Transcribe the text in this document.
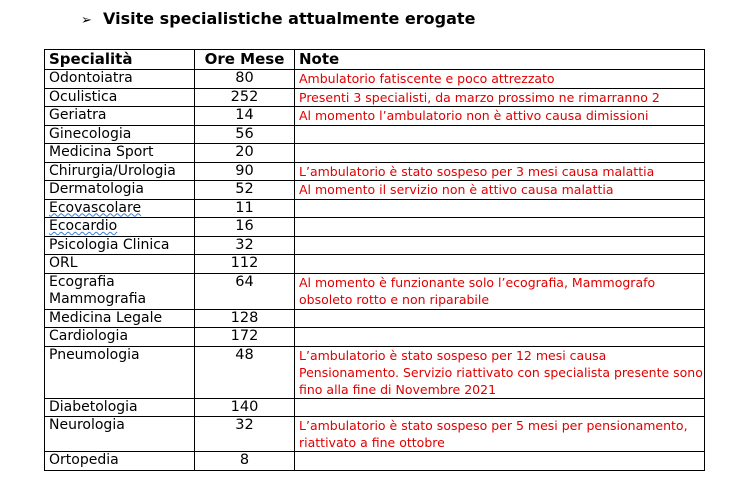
➢ Visite specialistiche attualmente erogate
Specialità	Ore Mese	Note
Odontoiatra	80	Ambulatorio fatiscente e poco attrezzato
Oculistica	252	Presenti 3 specialisti, da marzo prossimo ne rimarranno 2
Geriatra	14	Al momento l’ambulatorio non è attivo causa dimissioni
Ginecologia	56	
Medicina Sport	20	
Chirurgia/Urologia	90	L’ambulatorio è stato sospeso per 3 mesi causa malattia
Dermatologia	52	Al momento il servizio non è attivo causa malattia
Ecovascolare	11	
Ecocardio	16	
Psicologia Clinica	32	
ORL	112	
Ecografia Mammografia	64	Al momento è funzionante solo l’ecografia, Mammografo obsoleto rotto e non riparabile
Medicina Legale	128	
Cardiologia	172	
Pneumologia	48	L’ambulatorio è stato sospeso per 12 mesi causa Pensionamento. Servizio riattivato con specialista presente sono fino alla fine di Novembre 2021
Diabetologia	140	
Neurologia	32	L’ambulatorio è stato sospeso per 5 mesi per pensionamento, riattivato a fine ottobre
Ortopedia	8	
